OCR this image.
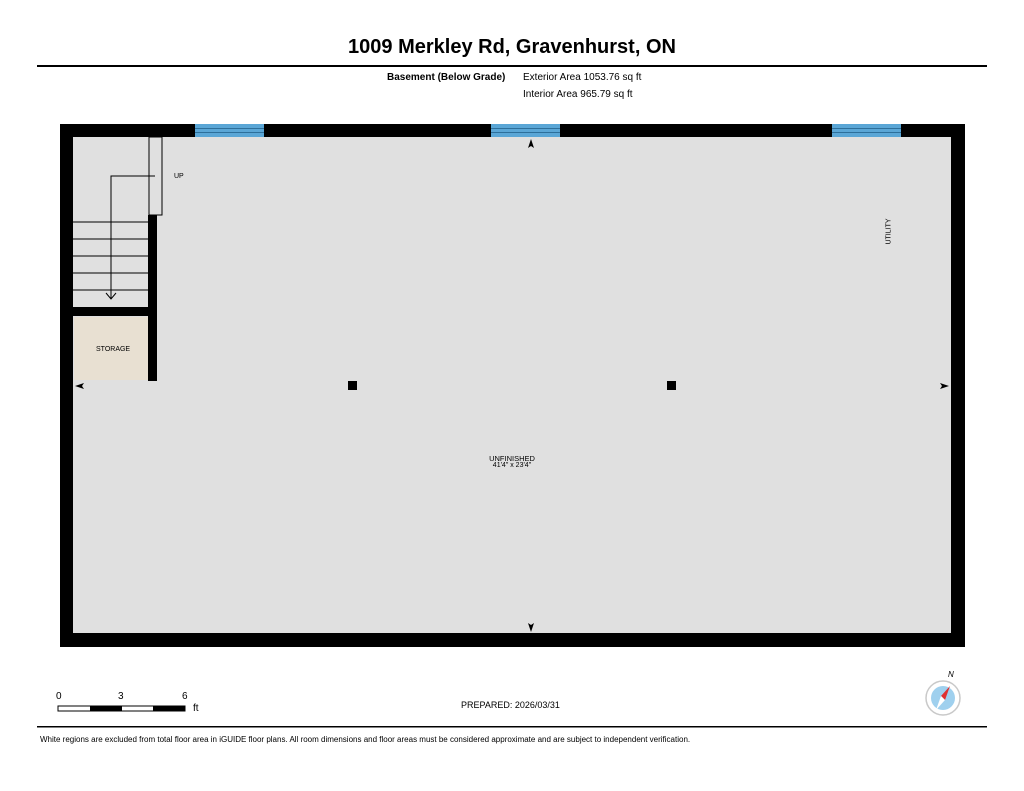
1009 Merkley Rd, Gravenhurst, ON
Basement (Below Grade) Exterior Area 1053.76 sq ft
Interior Area 965.79 sq ft
UP
STORAGE
UTILITY
UNFINISHED
41'4" x 23'4"
0	3	6
ft
N
PREPARED: 2026/03/31
White regions are excluded from total floor area in iGUIDE floor plans. All room dimensions and floor areas must be considered approximate and are subject to independent verification.
